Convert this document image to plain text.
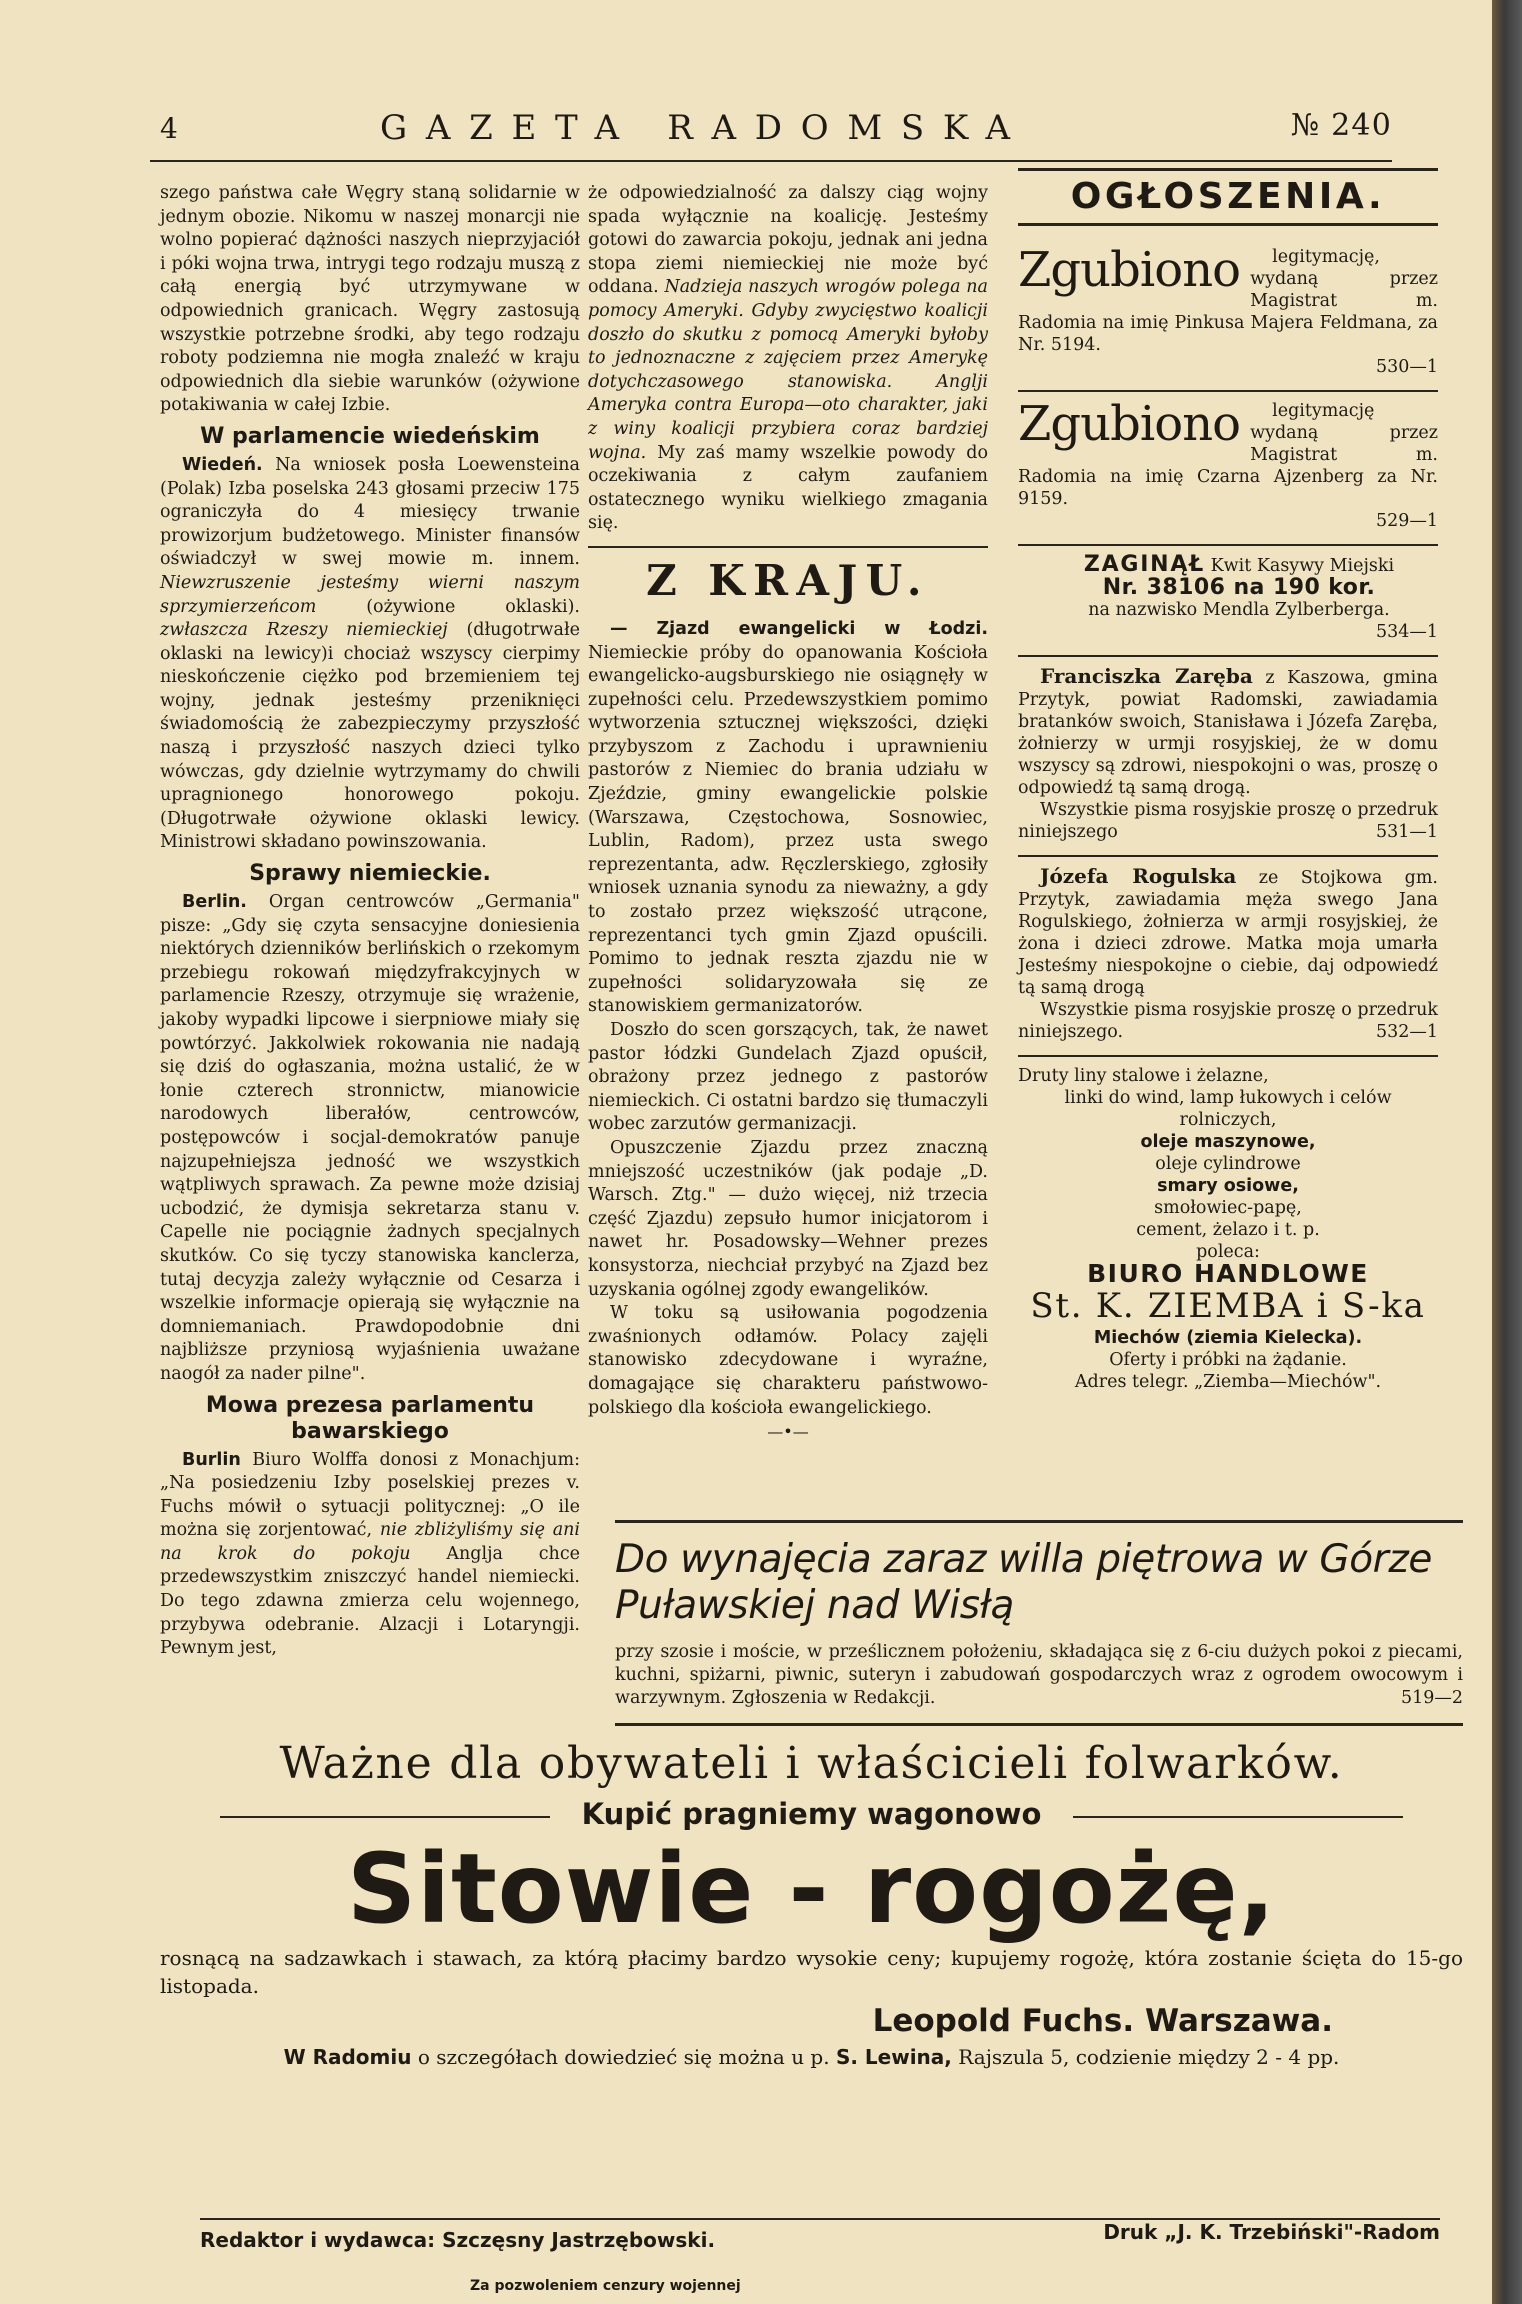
4	GAZETA RADOMSKA	№ 240

szego państwa całe Węgry staną solidarnie w jednym obozie. Nikomu w naszej monarcji nie wolno popierać dążności naszych nieprzyjaciół i póki wojna trwa, intrygi tego rodzaju muszą z całą energią być utrzymywane w odpowiednich granicach. Węgry zastosują wszystkie potrzebne środki, aby tego rodzaju roboty podziemna nie mogła znaleźć w kraju odpowiednich dla siebie warunków (ożywione potakiwania w całej Izbie.

W parlamencie wiedeńskim

Wiedeń. Na wniosek posła Loewensteina (Polak) Izba poselska 243 głosami przeciw 175 ograniczyła do 4 miesięcy trwanie prowizorjum budżetowego. Minister finansów oświadczył w swej mowie m. innem. Niewzruszenie jesteśmy wierni naszym sprzymierzeńcom	(ożywione oklaski). zwłaszcza Rzeszy niemieckiej (długotrwałe oklaski na lewicy)i chociaż wszyscy cierpimy nieskończenie ciężko pod brzemieniem tej wojny, jednak jesteśmy przeniknięci świadomością że zabezpieczymy przyszłość naszą i przyszłość naszych dzieci tylko wówczas, gdy dzielnie wytrzymamy do chwili upragnionego honorowego pokoju. (Długotrwałe ożywione oklaski lewicy. Ministrowi składano powinszowania.

Sprawy niemieckie.

Berlin. Organ centrowców „Germania" pisze: „Gdy się czyta sensacyjne doniesienia niektórych dzienników berlińskich o rzekomym przebiegu rokowań międzyfrakcyjnych w parlamencie Rzeszy, otrzymuje się wrażenie, jakoby wypadki lipcowe i sierpniowe miały się powtórzyć. Jakkolwiek rokowania nie nadają się dziś do ogłaszania, można ustalić, że w łonie czterech stronnictw, mianowicie narodowych liberałów, centrowców, postępowców i socjal-demokratów panuje najzupełniejsza jedność we wszystkich wątpliwych sprawach. Za pewne może dzisiaj ucbodzić, że dymisja sekretarza stanu v. Capelle nie pociągnie żadnych specjalnych skutków. Co się tyczy stanowiska kanclerza, tutaj decyzja zależy wyłącznie od Cesarza i wszelkie informacje opierają się wyłącznie na domniemaniach. Prawdopodobnie dni najbliższe przyniosą wyjaśnienia uważane naogół za nader pilne".

Mowa prezesa parlamentu bawarskiego

Burlin Biuro Wolffa donosi z Monachjum: „Na posiedzeniu Izby poselskiej prezes v. Fuchs mówił o sytuacji politycznej: „O ile można się zorjentować, nie zbliżyliśmy się ani na krok do pokoju Anglja chce przedewszystkim zniszczyć handel niemiecki. Do tego zdawna zmierza celu wojennego, przybywa odebranie. Alzacji i Lotaryngji. Pewnym jest,

że odpowiedzialność za dalszy ciąg wojny spada wyłącznie na koalicję. Jesteśmy gotowi do zawarcia pokoju, jednak ani jedna stopa ziemi niemieckiej nie może być oddana. Nadzieja naszych wrogów polega na pomocy Ameryki. Gdyby zwycięstwo koalicji doszło do skutku z pomocą Ameryki byłoby to jednoznaczne z zajęciem przez Amerykę dotychczasowego stanowiska. Anglji Ameryka contra Europa—oto charakter, jaki z winy koalicji przybiera coraz bardziej wojna. My zaś mamy wszelkie powody do oczekiwania z całym zaufaniem ostatecznego wyniku wielkiego zmagania się.

Z KRAJU.

— Zjazd ewangelicki w Łodzi. Niemieckie próby do opanowania Kościoła ewangelicko-augsburskiego nie osiągnęły w zupełności celu. Przedewszystkiem pomimo wytworzenia sztucznej większości, dzięki przybyszom z Zachodu i uprawnieniu pastorów z Niemiec do brania udziału w Zjeździe, gminy ewangelickie polskie (Warszawa, Częstochowa, Sosnowiec, Lublin, Radom), przez usta swego reprezentanta, adw. Ręczlerskiego, zgłosiły wniosek uznania synodu za nieważny, a gdy to zostało przez większość utrącone, reprezentanci tych gmin Zjazd opuścili. Pomimo to jednak reszta zjazdu nie w zupełności solidaryzowała się ze stanowiskiem germanizatorów.

Doszło do scen gorszących, tak, że nawet pastor łódzki Gundelach Zjazd opuścił, obrażony przez jednego z pastorów niemieckich. Ci ostatni bardzo się tłumaczyli wobec zarzutów germanizacji.

Opuszczenie Zjazdu przez znaczną mniejszość uczestników (jak podaje „D. Warsch. Ztg." — dużo więcej, niż trzecia część Zjazdu) zepsuło humor inicjatorom i nawet hr. Posadowsky—Wehner prezes konsystorza, niechciał przybyć na Zjazd bez uzyskania ogólnej zgody ewangelików.

W toku są usiłowania pogodzenia zwaśnionych odłamów. Polacy zajęli stanowisko zdecydowane i wyraźne, domagające się charakteru państwowo-polskiego dla kościoła ewangelickiego.

—•—
OGŁOSZENIA.
Zgubiono	legitymację, wydaną przez Magistrat m. Radomia na imię Pinkusa Majera Feldmana, za Nr. 5194.

530—1
Zgubiono	legitymację wydaną przez Magistrat m. Radomia na imię Czarna Ajzenberg za Nr. 9159.

529—1

ZAGINĄŁ Kwit Kasywy Miejski

Nr. 38106 na 190 kor.

na nazwisko Mendla Zylberberga.

534—1

Franciszka Zaręba z Kaszowa, gmina Przytyk, powiat Radomski, zawiadamia bratanków swoich, Stanisława i Józefa Zaręba, żołnierzy w urmji rosyjskiej, że w domu wszyscy są zdrowi, niespokojni o was, proszę o odpowiedź tą samą drogą.

Wszystkie pisma rosyjskie proszę o przedruk niniejszego	531—1

Józefa Rogulska ze Stojkowa gm. Przytyk, zawiadamia męża swego Jana Rogulskiego, żołnierza w armji rosyjskiej, że żona i dzieci zdrowe. Matka moja umarła Jesteśmy niespokojne o ciebie, daj odpowiedź tą samą drogą

Wszystkie pisma rosyjskie proszę o przedruk niniejszego.	532—1

Druty liny stalowe i żelazne,
linki do wind, lamp łukowych i celów rolniczych,
oleje maszynowe,
oleje cylindrowe
smary osiowe,
smołowiec-papę,
cement, żelazo i t. p.
poleca:
BIURO HANDLOWE
St. K. ZIEMBA i S-ka
Miechów (ziemia Kielecka).
Oferty i próbki na żądanie.
Adres telegr. „Ziemba—Miechów".
Do wynajęcia zaraz willa piętrowa w Górze Puławskiej nad Wisłą

przy szosie i moście, w prześlicznem położeniu, składająca się z 6-ciu dużych pokoi z piecami, kuchni, spiżarni, piwnic, suteryn i zabudowań gospodarczych wraz z ogrodem owocowym i warzywnym. Zgłoszenia w Redakcji.	519—2

Ważne dla obywateli i właścicieli folwarków.
Kupić pragniemy wagonowo
Sitowie - rogożę,
rosnącą na sadzawkach i stawach, za którą płacimy bardzo wysokie ceny; kupujemy rogożę, która zostanie ścięta do 15-go listopada.
Leopold Fuchs. Warszawa.
W Radomiu o szczegółach dowiedzieć się można u p. S. Lewina, Rajszula 5, codzienie między 2 - 4 pp.
Redaktor i wydawca: Szczęsny Jastrzębowski.	Druk „J. K. Trzebiński"-Radom
Za pozwoleniem cenzury wojennej
